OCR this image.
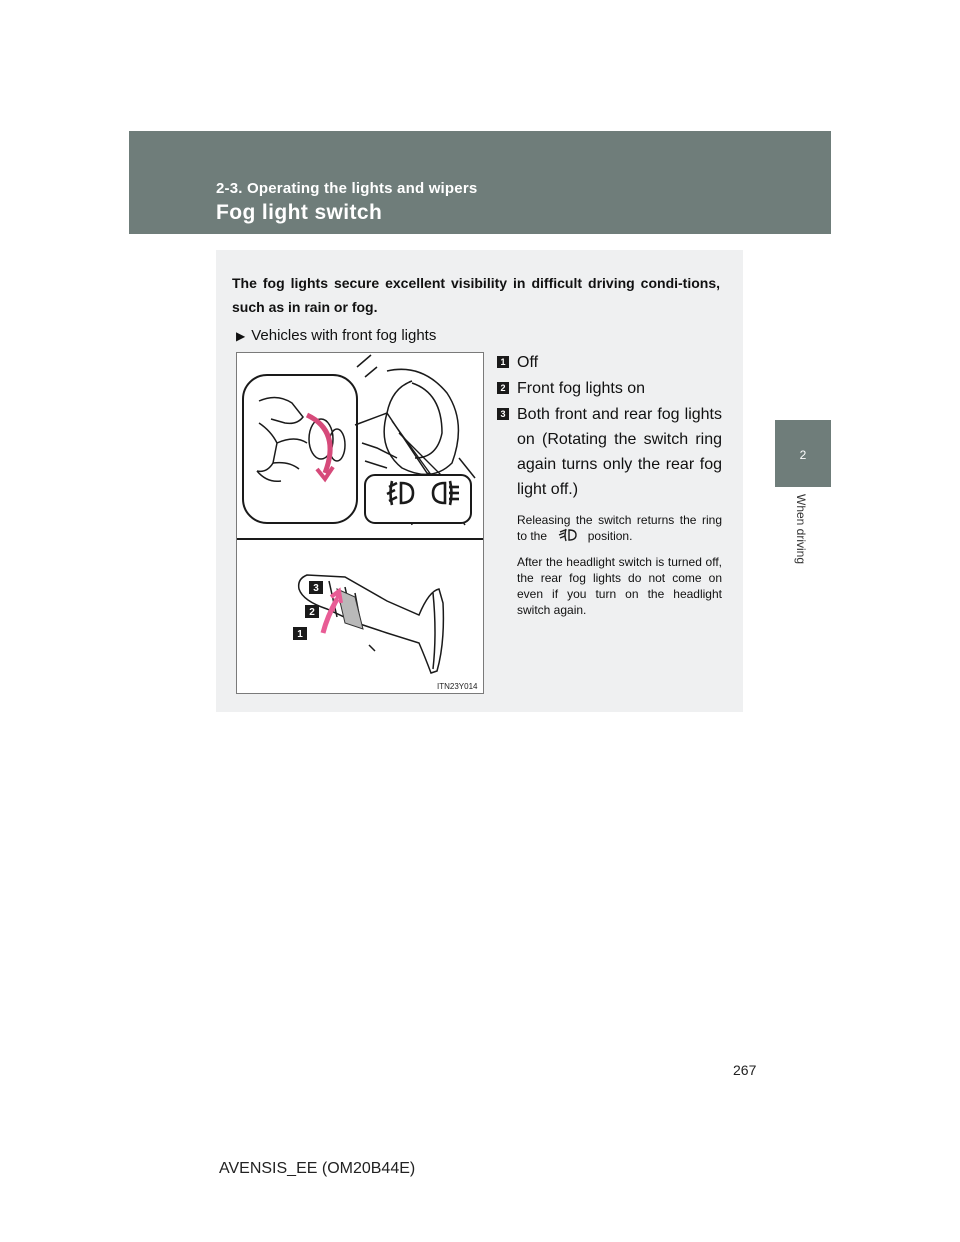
2-3. Operating the lights and wipers
Fog light switch
2
When driving
The fog lights secure excellent visibility in difficult driving condi-tions, such as in rain or fog.
▶ Vehicles with front fog lights
3
2
1
ITN23Y014
1 Off
2 Front fog lights on
3 Both front and rear fog lights on (Rotating the switch ring again turns only the rear fog light off.)
Releasing the switch returns the ring to the	position.
After the headlight switch is turned off, the rear fog lights do not come on even if you turn on the headlight switch again.
267
AVENSIS_EE (OM20B44E)
